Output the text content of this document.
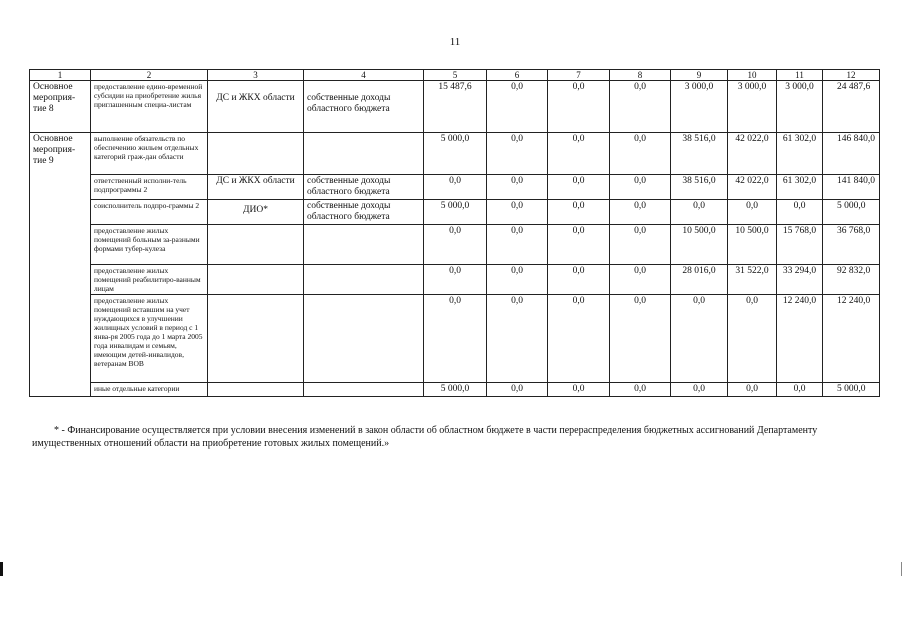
11
1	2	3	4	5	6	7	8	9	10	11	12
Основное мероприя-тие 8	предоставление едино-временной субсидии на приобретение жилья приглашенным специа-листам	ДС и ЖКХ области	собственные доходы областного бюджета	15 487,6	0,0	0,0	0,0	3 000,0	3 000,0	3 000,0	24 487,6
Основное мероприя-тие 9	выполнение обязательств по обеспечению жильем отдельных категорий граж-дан области			5 000,0	0,0	0,0	0,0	38 516,0	42 022,0	61 302,0	146 840,0
	ответственный исполни-тель подпрограммы 2	ДС и ЖКХ области	собственные доходы областного бюджета	0,0	0,0	0,0	0,0	38 516,0	42 022,0	61 302,0	141 840,0
	соисполнитель подпро-граммы 2	ДИО*	собственные доходы областного бюджета	5 000,0	0,0	0,0	0,0	0,0	0,0	0,0	5 000,0
	предоставление жилых помещений больным за-разными формами тубер-кулеза			0,0	0,0	0,0	0,0	10 500,0	10 500,0	15 768,0	36 768,0
	предоставление жилых помещений реабилитиро-ванным лицам			0,0	0,0	0,0	0,0	28 016,0	31 522,0	33 294,0	92 832,0
	предоставление жилых помещений вставшим на учет нуждающихся в улучшении жилищных условий в период с 1 янва-ря 2005 года до 1 марта 2005 года инвалидам и семьям, имеющим детей-инвалидов, ветеранам ВОВ			0,0	0,0	0,0	0,0	0,0	0,0	12 240,0	12 240,0
	иные отдельные категории			5 000,0	0,0	0,0	0,0	0,0	0,0	0,0	5 000,0
* - Финансирование осуществляется при условии внесения изменений в закон области об областном бюджете в части перераспределения бюджетных ассигнований Департаменту
имущественных отношений области на приобретение готовых жилых помещений.»
